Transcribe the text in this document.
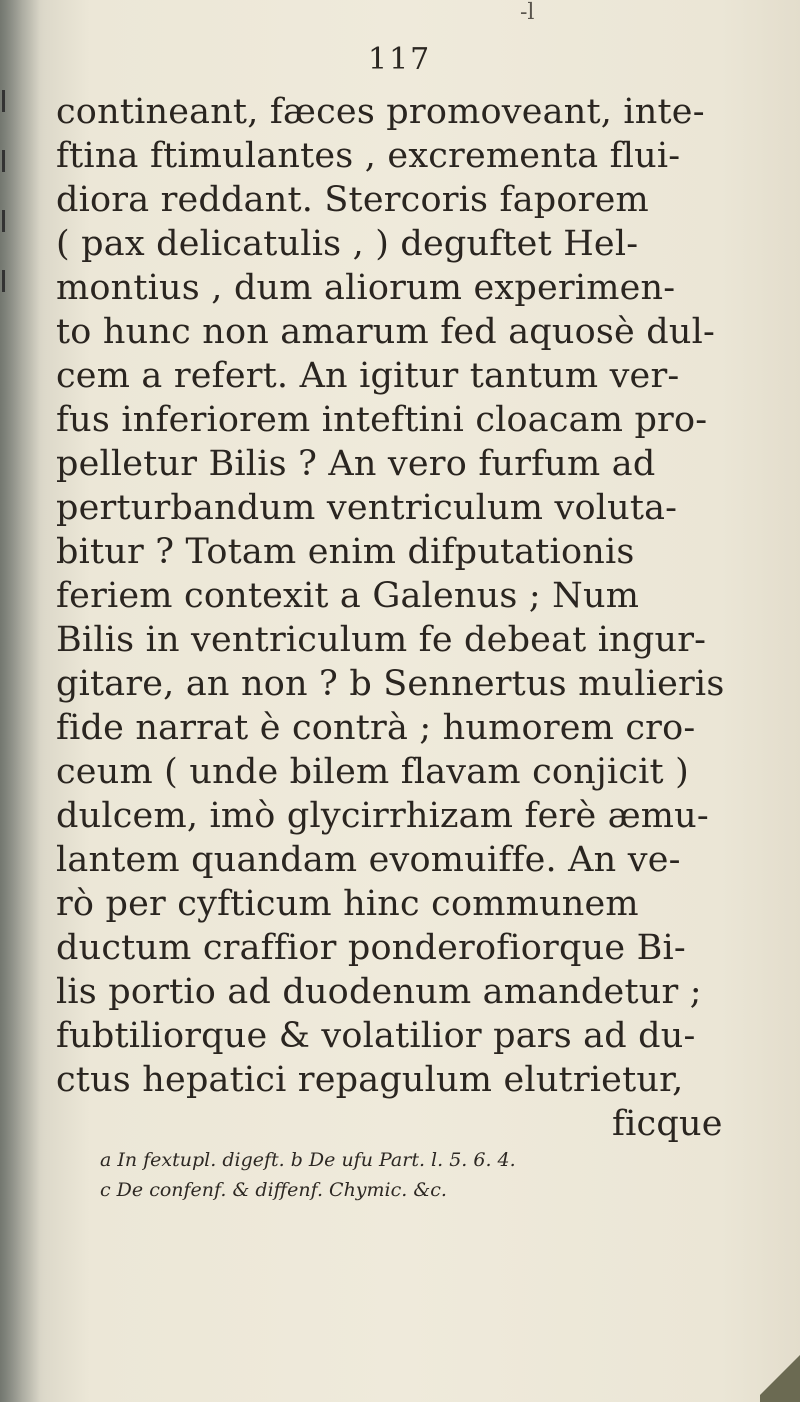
-l
117
contineant, fæces promoveant, inte-
ftina ftimulantes , excrementa flui-
diora reddant. Stercoris faporem
( pax delicatulis , ) deguftet Hel-
montius , dum aliorum experimen-
to hunc non amarum fed aquosè dul-
cem a refert. An igitur tantum ver-
fus inferiorem inteftini cloacam pro-
pelletur Bilis ? An vero furfum ad
perturbandum ventriculum voluta-
bitur ? Totam enim difputationis
feriem contexit a Galenus ; Num
Bilis in ventriculum fe debeat ingur-
gitare, an non ? b Sennertus mulieris
fide narrat è contrà ; humorem cro-
ceum ( unde bilem flavam conjicit )
dulcem, imò glycirrhizam ferè æmu-
lantem quandam evomuiffe. An ve-
rò per cyfticum hinc communem
ductum craffior ponderofiorque Bi-
lis portio ad duodenum amandetur ;
fubtiliorque & volatilior pars ad du-
ctus hepatici repagulum elutrietur,
ficque
a In fextupl. digeft. b De ufu Part. l. 5. 6. 4.
c De confenf. & diffenf. Chymic. &c.
